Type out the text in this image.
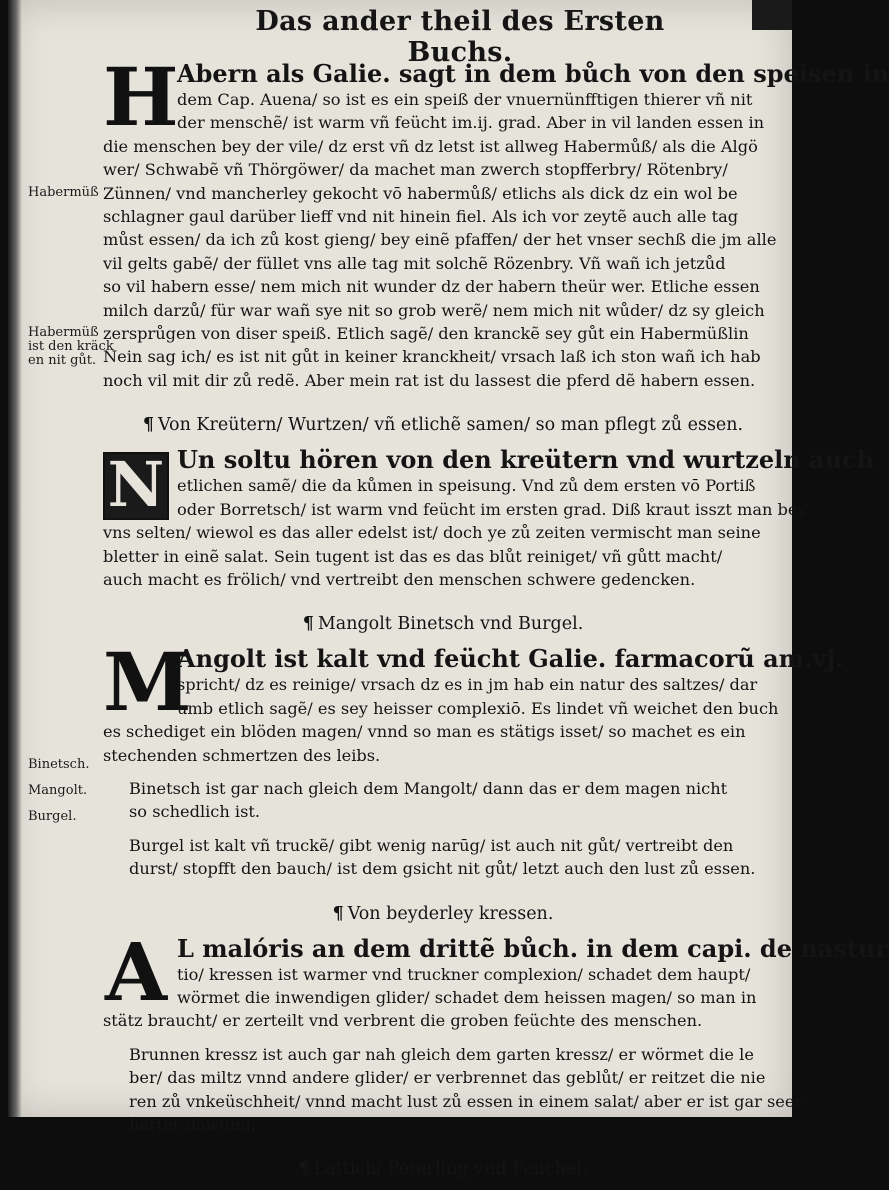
Das ander theil des Ersten Buchs.
Habermüß
Habermüß
ist den kräck
en nit gůt.
Binetsch.
Mangolt.
Burgel.
H
Abern als Galie. sagt in dem bůch von den speisen in
dem Cap. Auena/ so ist es ein speiß der vnuernünfftigen thierer vñ nit
der menschẽ/ ist warm vñ feücht im.ij. grad. Aber in vil landen essen in
die menschen bey der vile/ dz erst vñ dz letst ist allweg Habermůß/ als die Algö
wer/ Schwabẽ vñ Thörgöwer/ da machet man zwerch stopfferbry/ Rötenbry/
Zünnen/ vnd mancherley gekocht vō habermůß/ etlichs als dick dz ein wol be
schlagner gaul darüber lieff vnd nit hinein fiel. Als ich vor zeytẽ auch alle tag
můst essen/ da ich zů kost gieng/ bey einẽ pfaffen/ der het vnser sechß die jm alle
vil gelts gabẽ/ der füllet vns alle tag mit solchẽ Rözenbry. Vñ wañ ich jetzůd
so vil habern esse/ nem mich nit wunder dz der habern theür wer. Etliche essen
milch darzů/ für war wañ sye nit so grob werẽ/ nem mich nit wůder/ dz sy gleich
zersprůgen von diser speiß. Etlich sagẽ/ den kranckẽ sey gůt ein Habermüßlin
Nein sag ich/ es ist nit gůt in keiner kranckheit/ vrsach laß ich ston wañ ich hab
noch vil mit dir zů redẽ. Aber mein rat ist du lassest die pferd dẽ habern essen.
¶ Von Kreütern/ Wurtzen/ vñ etlichẽ samen/ so man pflegt zů essen.
N Un soltu hören von den kreütern vnd wurtzeln auch
etlichen samẽ/ die da kůmen in speisung. Vnd zů dem ersten vō Portiß
oder Borretsch/ ist warm vnd feücht im ersten grad. Diß kraut isszt man bey
vns selten/ wiewol es das aller edelst ist/ doch ye zů zeiten vermischt man seine
bletter in einẽ salat. Sein tugent ist das es das blůt reiniget/ vñ gůtt macht/
auch macht es frölich/ vnd vertreibt den menschen schwere gedencken.
¶ Mangolt Binetsch vnd Burgel.
M
Angolt ist kalt vnd feücht Galie. farmacorũ am.vj.
spricht/ dz es reinige/ vrsach dz es in jm hab ein natur des saltzes/ dar
umb etlich sagẽ/ es sey heisser complexiō. Es lindet vñ weichet den buch
es schediget ein blöden magen/ vnnd so man es stätigs isset/ so machet es ein
stechenden schmertzen des leibs.
Binetsch ist gar nach gleich dem Mangolt/ dann das er dem magen nicht
so schedlich ist.
Burgel ist kalt vñ truckẽ/ gibt wenig narūg/ ist auch nit gůt/ vertreibt den
durst/ stopfft den bauch/ ist dem gsicht nit gůt/ letzt auch den lust zů essen.
¶ Von beyderley kressen.
A L malóris an dem drittẽ bůch. in dem capi. de nastur
tio/ kressen ist warmer vnd truckner complexion/ schadet dem haupt/
wörmet die inwendigen glider/ schadet dem heissen magen/ so man in
stätz braucht/ er zerteilt vnd verbrent die groben feüchte des menschen.
Brunnen kressz ist auch gar nah gleich dem garten kressz/ er wörmet die le
ber/ das miltz vnnd andere glider/ er verbrennet das geblůt/ er reitzet die nie
ren zů vnkeüschheit/ vnnd macht lust zů essen in einem salat/ aber er ist gar seer
harter dawung.
¶ Lattich/ Peterling vnd Fenchel.
